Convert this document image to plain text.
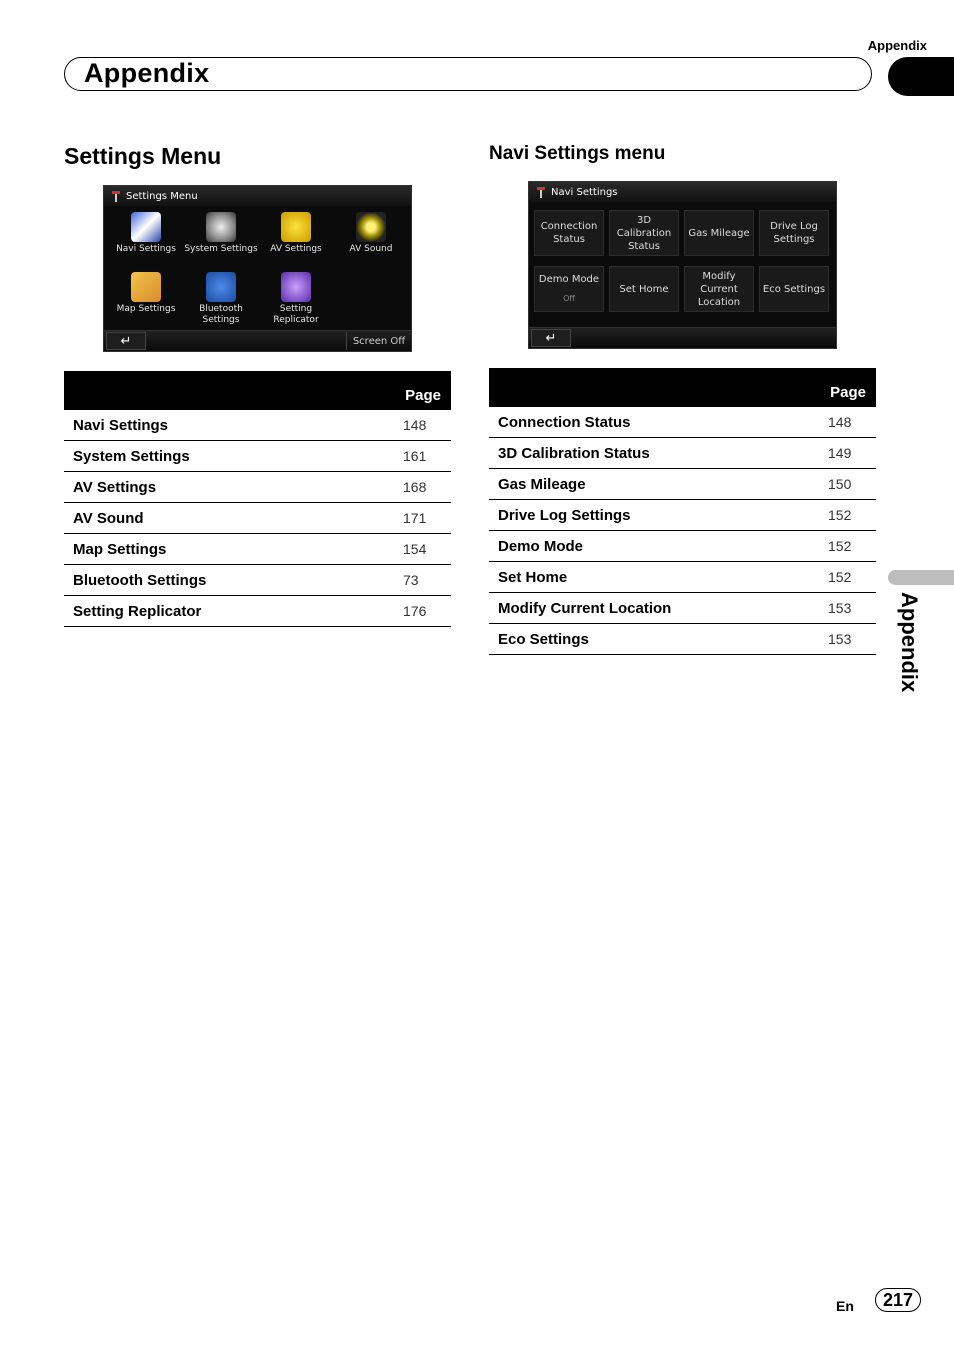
Appendix
Appendix
Appendix
Settings Menu	Navi Settings menu
Settings Menu
Navi Settings System Settings	AV Settings	AV Sound
Map Settings	Bluetooth Settings
Setting Replicator
↵	Screen Off
Navi Settings
Connection Status
3D Calibration Status
Gas Mileage
Drive Log Settings
Demo Mode
Off
Set Home
Modify Current Location
Eco Settings
↵
Page	
Navi Settings	148
System Settings	161
AV Settings	168
AV Sound	171
Map Settings	154
Bluetooth Settings	73
Setting Replicator	176
Page	
Connection Status	148
3D Calibration Status	149
Gas Mileage	150
Drive Log Settings	152
Demo Mode	152
Set Home	152
Modify Current Location	153
Eco Settings	153
En	217
